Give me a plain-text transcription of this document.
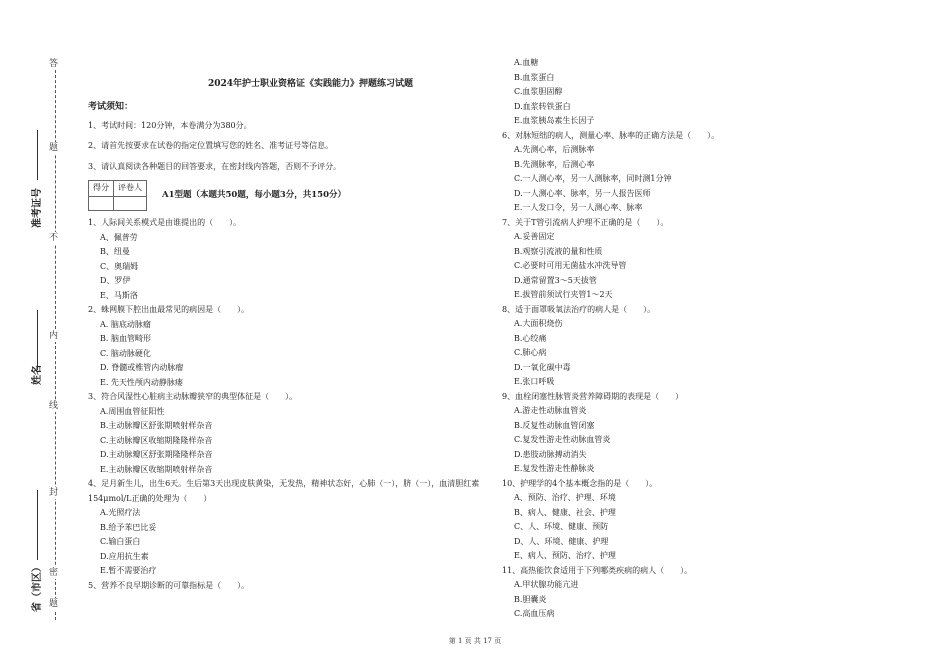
答
题
不
内
线
封
密
题
准考证号
姓名
省（市区）
2024年护士职业资格证《实践能力》押题练习试题
考试须知：
1、考试时间：120分钟，本卷满分为380分。
2、请首先按要求在试卷的指定位置填写您的姓名、准考证号等信息。
3、请认真阅读各种题目的回答要求，在密封线内答题，否则不予评分。
得分	评卷人

A1型题（本题共50题，每小题3分，共150分）
1、人际间关系模式是由谁提出的（　　）。
A、佩普劳
B、纽曼
C、奥瑞姆
D、罗伊
E、马斯洛
2、蛛网膜下腔出血最常见的病因是（　　）。
A. 脑底动脉瘤
B. 脑血管畸形
C. 脑动脉硬化
D. 脊髓或椎管内动脉瘤
E. 先天性颅内动静脉瘘
3、符合风湿性心脏病主动脉瓣狭窄的典型体征是（　　）。
A.周围血管征阳性
B.主动脉瓣区舒张期喷射样杂音
C.主动脉瓣区收缩期隆隆样杂音
D.主动脉瓣区舒张期隆隆样杂音
E.主动脉瓣区收缩期喷射样杂音
4、足月新生儿，出生6天。生后第3天出现皮肤黄染，无发热，精神状态好，心肺（一），脐（一），血清胆红素154μmol/L正确的处理为（　　）
A.光照疗法
B.给予苯巴比妥
C.输白蛋白
D.应用抗生素
E.暂不需要治疗
5、营养不良早期诊断的可靠指标是（　　）。
A.血糖
B.血浆蛋白
C.血浆胆固醇
D.血浆转铁蛋白
E.血浆胰岛素生长因子
6、对脉短绌的病人，测量心率、脉率的正确方法是（　　）。
A.先测心率，后测脉率
B.先测脉率，后测心率
C.一人测心率，另一人测脉率，同时测1分钟
D.一人测心率、脉率，另一人报告医师
E.一人发口令，另一人测心率、脉率
7、关于T管引流病人护理不正确的是（　　）。
A.妥善固定
B.观察引流液的量和性质
C.必要时可用无菌盐水冲洗导管
D.通常留置3～5天拔管
E.拔管前须试行夹管1～2天
8、适于面罩吸氧法治疗的病人是（　　）。
A.大面积烧伤
B.心绞痛
C.肺心病
D.一氧化碳中毒
E.张口呼吸
9、血栓闭塞性脉管炎营养障碍期的表现是（　　）
A.游走性动脉血管炎
B.反复性动脉血管闭塞
C.复发性游走性动脉血管炎
D.患肢动脉搏动消失
E.复发性游走性静脉炎
10、护理学的4个基本概念指的是（　　）。
A、预防、治疗、护理、环境
B、病人、健康、社会、护理
C、人、环境、健康、预防
D、人、环境、健康、护理
E、病人、预防、治疗、护理
11、高热能饮食适用于下列哪类疾病的病人（　　）。
A.甲状腺功能亢进
B.胆囊炎
C.高血压病
第 1 页 共 17 页
